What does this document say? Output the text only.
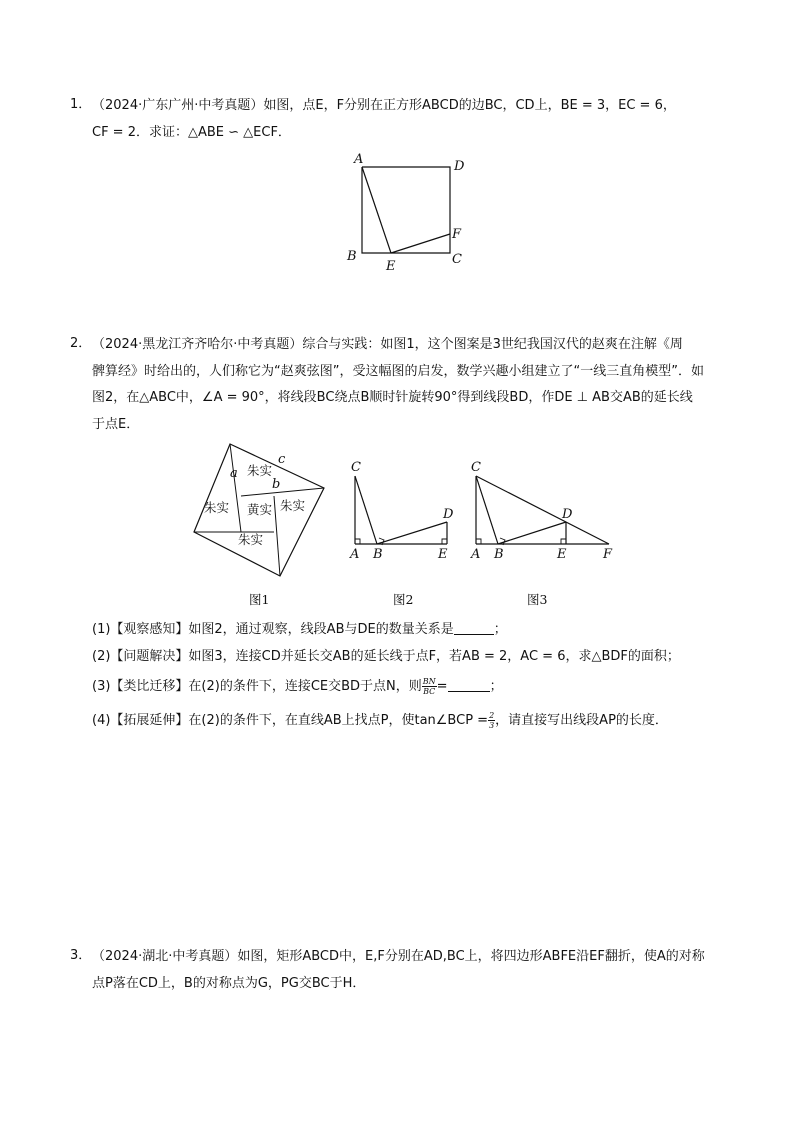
1． （2024·广东广州·中考真题）如图，点E，F分别在正方形ABCD的边BC，CD上，BE = 3，EC = 6，
CF = 2．求证：△ABE ∽ △ECF．
A	D
B
E	C
F
2． （2024·黑龙江齐齐哈尔·中考真题）综合与实践：如图1，这个图案是3世纪我国汉代的赵爽在注解《周
髀算经》时给出的，人们称它为“赵爽弦图”，受这幅图的启发，数学兴趣小组建立了“一线三直角模型”．如
图2，在△ABC中，∠A = 90°，将线段BC绕点B顺时针旋转90°得到线段BD，作DE ⊥ AB交AB的延长线
于点E．
a
c
b
朱实
朱实 黄实 朱实
朱实
C
D
A B	E
C
D
A B	E	F
图1	图2	图3
(1)【观察感知】如图2，通过观察，线段AB与DE的数量关系是	；
(2)【问题解决】如图3，连接CD并延长交AB的延长线于点F，若AB = 2，AC = 6，求△BDF的面积；
(3)【类比迁移】在(2)的条件下，连接CE交BD于点N，则 $\frac{BN}{BC}$ =	；
(4)【拓展延伸】在(2)的条件下，在直线AB上找点P，使tan∠BCP = $\frac{2}{3}$ ，请直接写出线段AP的长度．
3． （2024·湖北·中考真题）如图，矩形ABCD中，E,F分别在AD,BC上，将四边形ABFE沿EF翻折，使A的对称
点P落在CD上，B的对称点为G，PG交BC于H．
